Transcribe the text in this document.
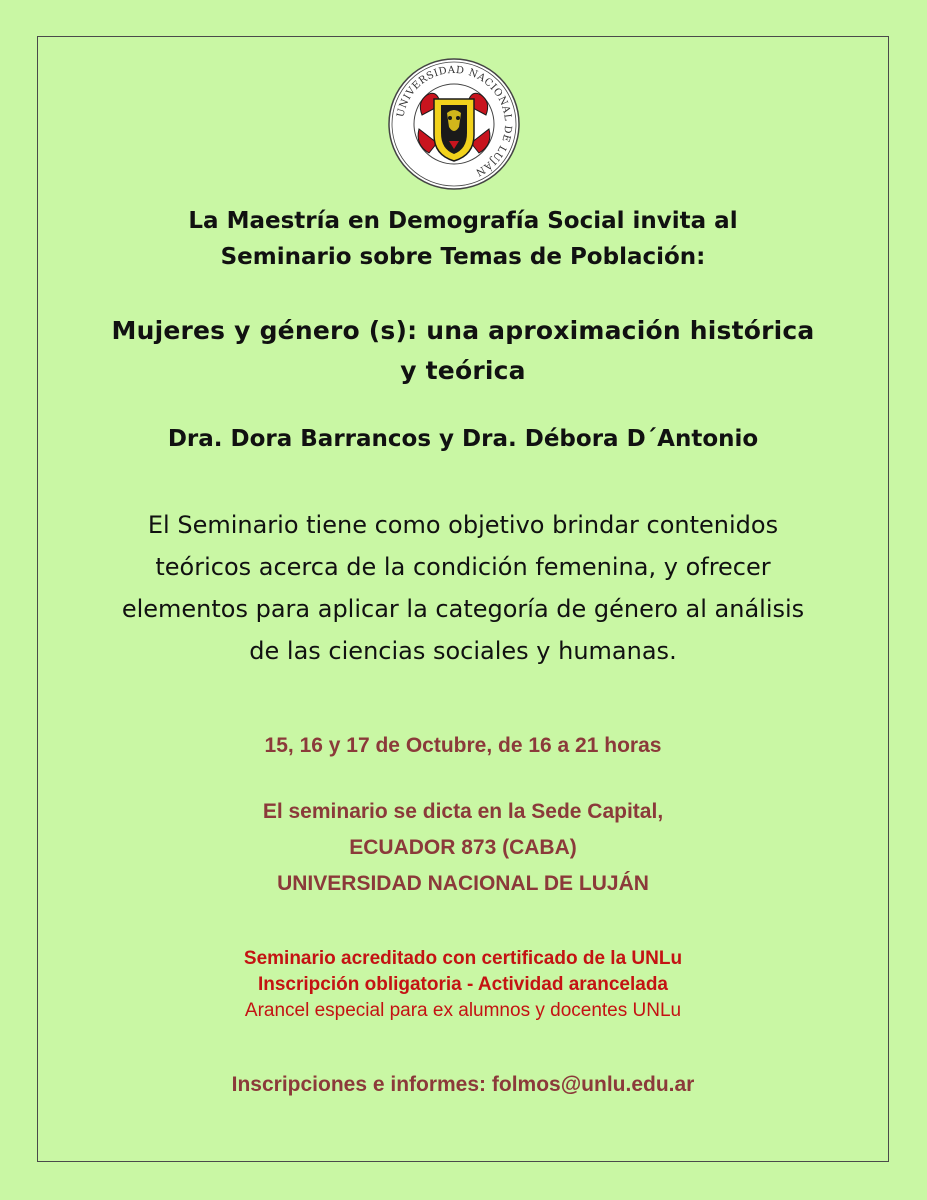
UNIVERSIDAD NACIONAL DE LUJÁN

La Maestría en Demografía Social invita al
Seminario sobre Temas de Población:

Mujeres y género (s): una aproximación histórica
y teórica

Dra. Dora Barrancos y Dra. Débora D´Antonio

El Seminario tiene como objetivo brindar contenidos
teóricos acerca de la condición femenina, y ofrecer
elementos para aplicar la categoría de género al análisis
de las ciencias sociales y humanas.

15, 16 y 17 de Octubre, de 16 a 21 horas

El seminario se dicta en la Sede Capital,
ECUADOR 873 (CABA)
UNIVERSIDAD NACIONAL DE LUJÁN

Seminario acreditado con certificado de la UNLu
Inscripción obligatoria - Actividad arancelada
Arancel especial para ex alumnos y docentes UNLu

Inscripciones e informes: folmos@unlu.edu.ar
